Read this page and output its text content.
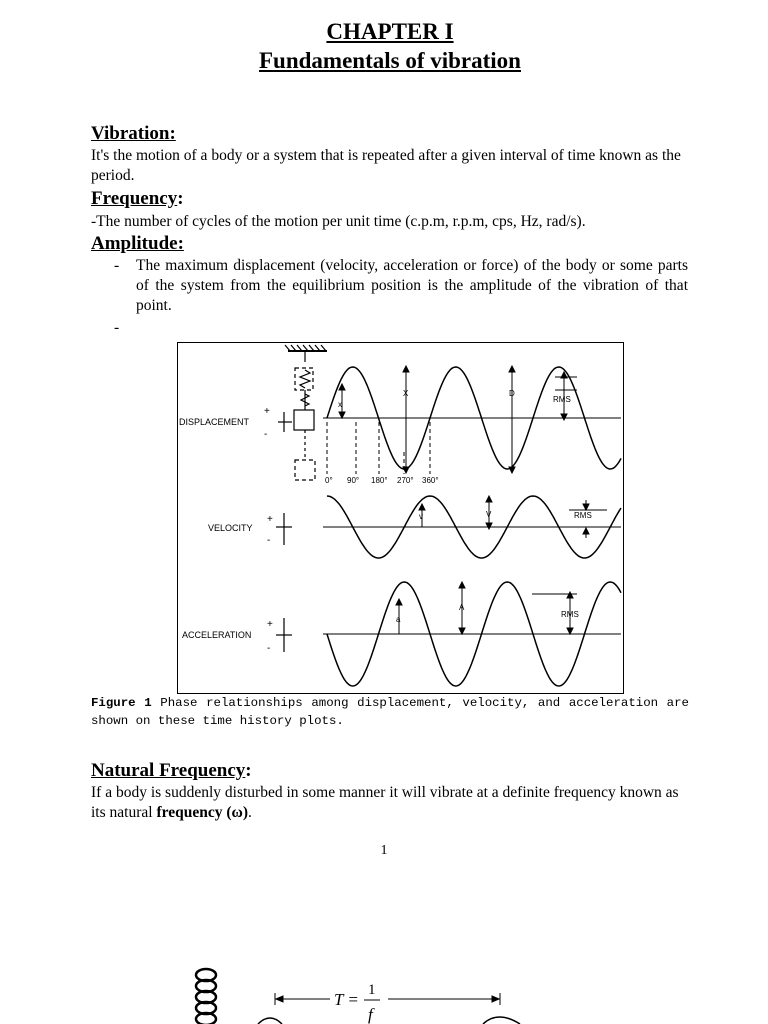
CHAPTER I
Fundamentals of vibration
Vibration:
It's the motion of a body or a system that is repeated after a given interval of time known as the period.
Frequency:
-The number of cycles of the motion per unit time (c.p.m, r.p.m, cps, Hz, rad/s).
Amplitude:
- The maximum displacement (velocity, acceleration or force) of the body or some parts of the system from the equilibrium position is the amplitude of the vibration of that point.
-
DISPLACEMENT
+
-
VELOCITY
+
-
ACCELERATION
+
-
0° 90° 180° 270° 360°
x
X	D
RMS
v	V	RMS
a
A
RMS
Figure 1 Phase relationships among displacement, velocity, and acceleration are shown on these time history plots.
Natural Frequency:
If a body is suddenly disturbed in some manner it will vibrate at a definite frequency known as its natural frequency (ω).
1
T = 1
f
